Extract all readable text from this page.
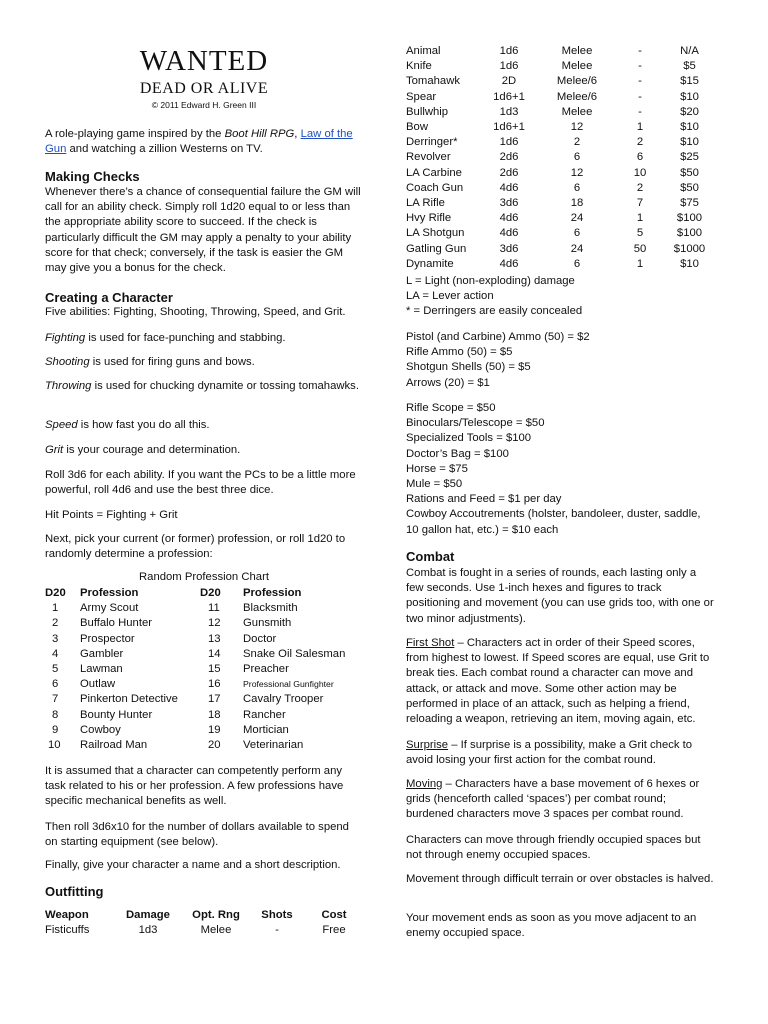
WANTED
DEAD OR ALIVE
© 2011 Edward H. Green III

A role-playing game inspired by the Boot Hill RPG, Law of the Gun and watching a zillion Westerns on TV.

Making Checks

Whenever there’s a chance of consequential failure the GM will call for an ability check. Simply roll 1d20 equal to or less than the appropriate ability score to succeed. If the check is particularly difficult the GM may apply a penalty to your ability score for that check; conversely, if the task is easier the GM may give you a bonus for the check.

Creating a Character

Five abilities: Fighting, Shooting, Throwing, Speed, and Grit.

Fighting is used for face-punching and stabbing.

Shooting is used for firing guns and bows.

Throwing is used for chucking dynamite or tossing tomahawks.

Speed is how fast you do all this.

Grit is your courage and determination.

Roll 3d6 for each ability. If you want the PCs to be a little more powerful, roll 4d6 and use the best three dice.

Hit Points = Fighting + Grit

Next, pick your current (or former) profession, or roll 1d20 to randomly determine a profession:

Random Profession Chart
D20	Profession	D20	Profession
1	Army Scout	11	Blacksmith
2	Buffalo Hunter	12	Gunsmith
3	Prospector	13	Doctor
4	Gambler	14	Snake Oil Salesman
5	Lawman	15	Preacher
6	Outlaw	16	Professional Gunfighter
7	Pinkerton Detective	17	Cavalry Trooper
8	Bounty Hunter	18	Rancher
9	Cowboy	19	Mortician
10	Railroad Man	20	Veterinarian

It is assumed that a character can competently perform any task related to his or her profession. A few professions have specific mechanical benefits as well.

Then roll 3d6x10 for the number of dollars available to spend on starting equipment (see below).

Finally, give your character a name and a short description.

Outfitting
Weapon	Damage	Opt. Rng	Shots	Cost
Fisticuffs	1d3	Melee	-	Free
Animal	1d6	Melee	-	N/A
Knife	1d6	Melee	-	$5
Tomahawk	2D	Melee/6	-	$15
Spear	1d6+1	Melee/6	-	$10
Bullwhip	1d3	Melee	-	$20
Bow	1d6+1	12	1	$10
Derringer*	1d6	2	2	$10
Revolver	2d6	6	6	$25
LA Carbine	2d6	12	10	$50
Coach Gun	4d6	6	2	$50
LA Rifle	3d6	18	7	$75
Hvy Rifle	4d6	24	1	$100
LA Shotgun	4d6	6	5	$100
Gatling Gun	3d6	24	50	$1000
Dynamite	4d6	6	1	$10

L = Light (non-exploding) damage

LA = Lever action

* = Derringers are easily concealed

Pistol (and Carbine) Ammo (50) = $2

Rifle Ammo (50) = $5

Shotgun Shells (50) = $5

Arrows (20) = $1

Rifle Scope = $50

Binoculars/Telescope = $50

Specialized Tools = $100

Doctor’s Bag = $100

Horse = $75

Mule = $50

Rations and Feed = $1 per day

Cowboy Accoutrements (holster, bandoleer, duster, saddle, 10 gallon hat, etc.) = $10 each

Combat

Combat is fought in a series of rounds, each lasting only a few seconds. Use 1-inch hexes and figures to track positioning and movement (you can use grids too, with one or two minor adjustments).

First Shot – Characters act in order of their Speed scores, from highest to lowest. If Speed scores are equal, use Grit to break ties. Each combat round a character can move and attack, or attack and move. Some other action may be performed in place of an attack, such as helping a friend, reloading a weapon, retrieving an item, moving again, etc.

Surprise – If surprise is a possibility, make a Grit check to avoid losing your first action for the combat round.

Moving – Characters have a base movement of 6 hexes or grids (henceforth called ‘spaces’) per combat round; burdened characters move 3 spaces per combat round.

Characters can move through friendly occupied spaces but not through enemy occupied spaces.

Movement through difficult terrain or over obstacles is halved.

Your movement ends as soon as you move adjacent to an enemy occupied space.
